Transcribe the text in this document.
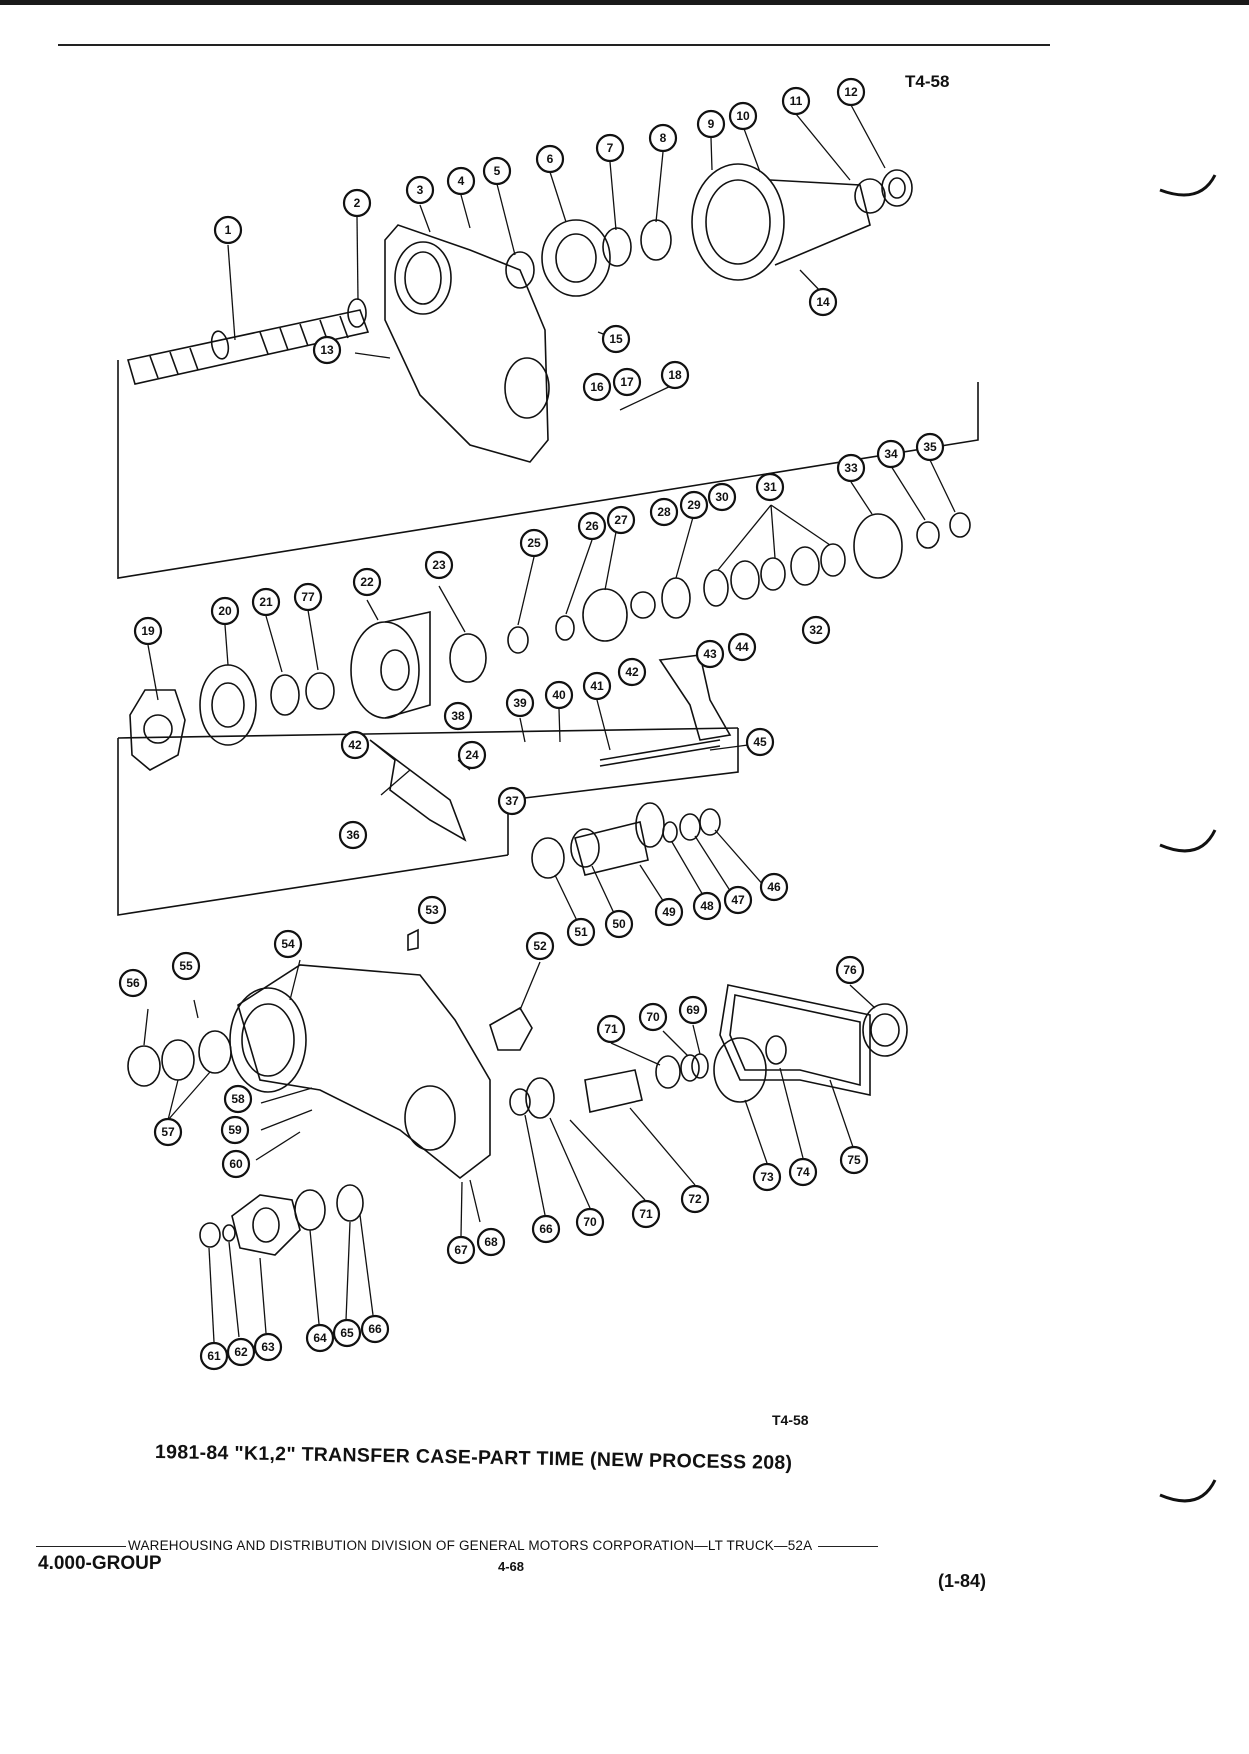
T4-58
1
2
3
4
5
6
7
8
9
10
11
12
13
14
15
16 17	18
19
20
21 77
22
23
25
26 27
28 29
30
31
32
33
34 35
38
39
40
41
42
43 44
42
24
45
36
37
46
47
48
49
50
51
53
52
54
55
56
57
58
59
60
61 62 63
64 65 66
67
68
66	70
71
72
71
70 69
73 74
75
76
T4-58
1981-84 "K1,2" TRANSFER CASE-PART TIME (NEW PROCESS 208)
WAREHOUSING AND DISTRIBUTION DIVISION OF GENERAL MOTORS CORPORATION—LT TRUCK—52A
4.000-GROUP	4-68
(1-84)
